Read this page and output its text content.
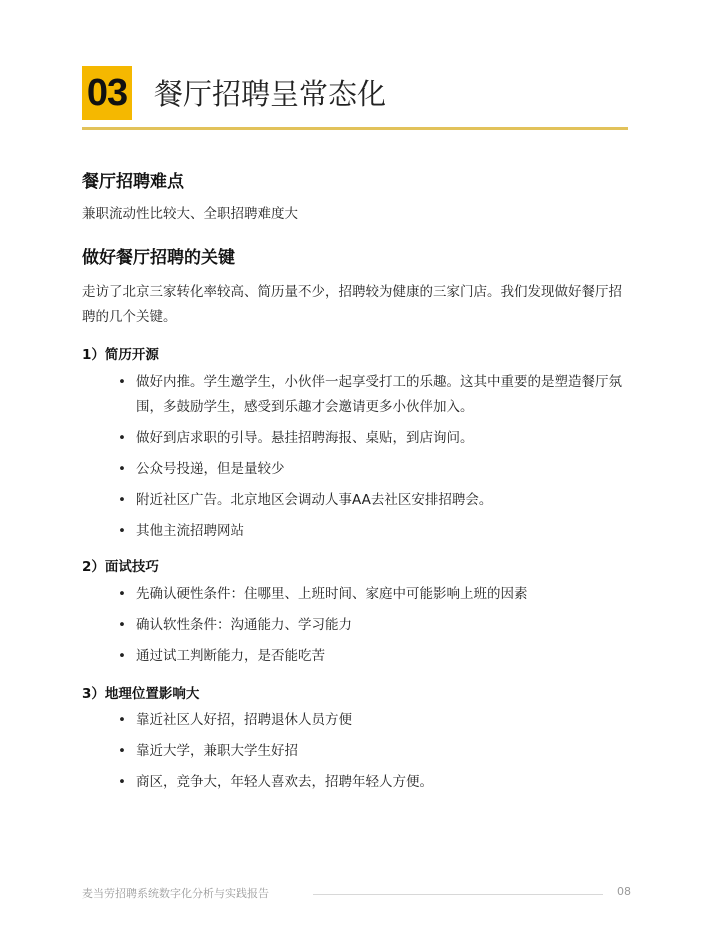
03 餐厅招聘呈常态化
餐厅招聘难点
兼职流动性比较大、全职招聘难度大
做好餐厅招聘的关键
走访了北京三家转化率较高、简历量不少，招聘较为健康的三家门店。我们发现做好餐厅招聘的几个关键。
1）简历开源
• 做好内推。学生邀学生，小伙伴一起享受打工的乐趣。这其中重要的是塑造餐厅氛围，多鼓励学生，感受到乐趣才会邀请更多小伙伴加入。
• 做好到店求职的引导。悬挂招聘海报、桌贴，到店询问。
• 公众号投递，但是量较少
• 附近社区广告。北京地区会调动人事AA去社区安排招聘会。
• 其他主流招聘网站
2）面试技巧
• 先确认硬性条件：住哪里、上班时间、家庭中可能影响上班的因素
• 确认软性条件：沟通能力、学习能力
• 通过试工判断能力，是否能吃苦
3）地理位置影响大
• 靠近社区人好招，招聘退休人员方便
• 靠近大学，兼职大学生好招
• 商区，竞争大，年轻人喜欢去，招聘年轻人方便。
麦当劳招聘系统数字化分析与实践报告	08
